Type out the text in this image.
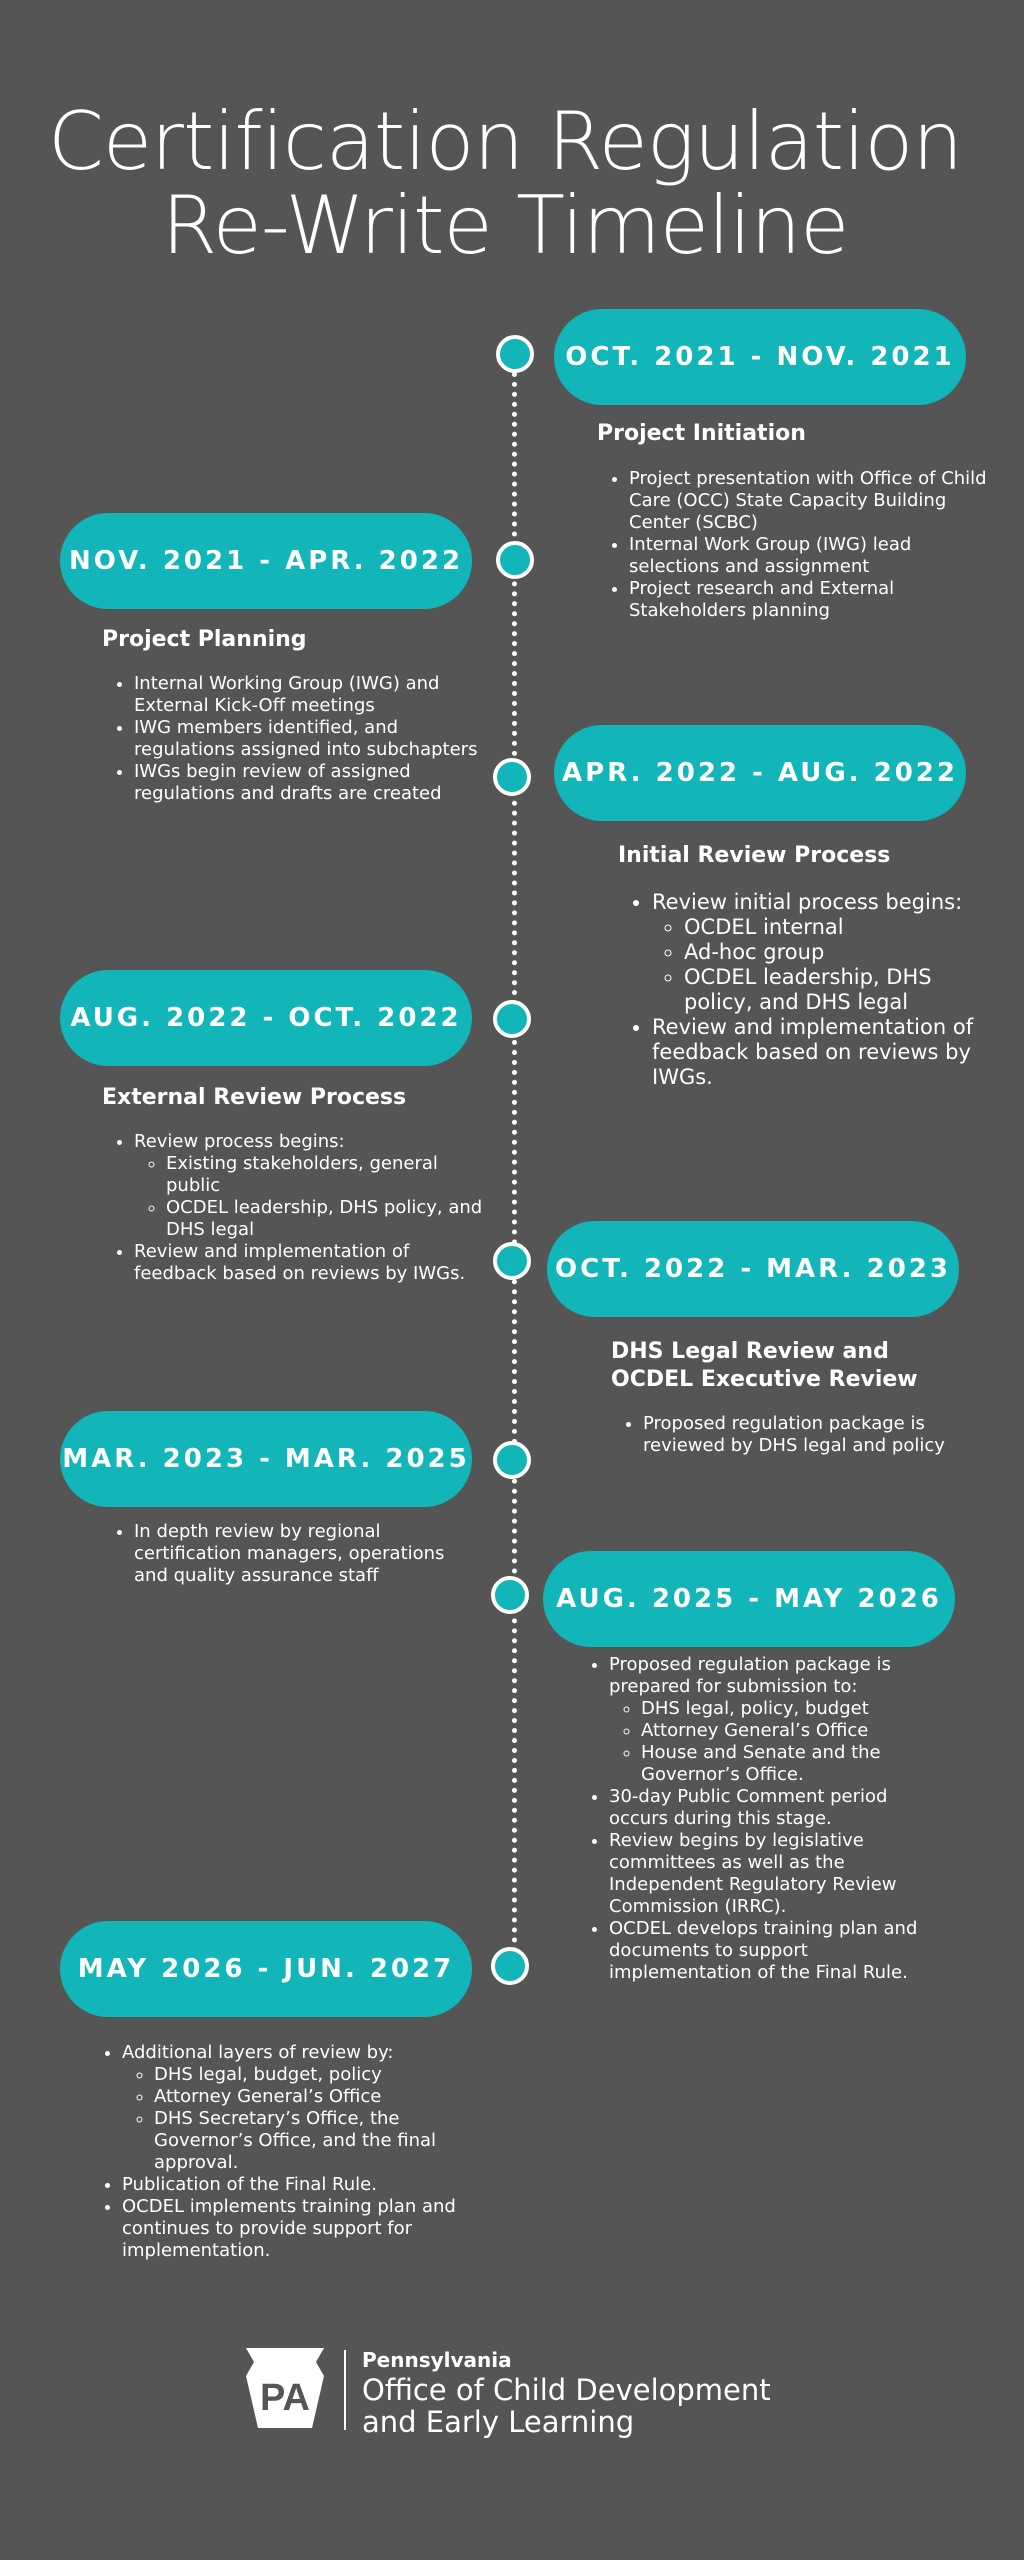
Certification Regulation
Re-Write Timeline
OCT. 2021 - NOV. 2021
Project Initiation
• Project presentation with Office of Child Care (OCC) State Capacity Building Center (SCBC)
• Internal Work Group (IWG) lead selections and assignment
• Project research and External Stakeholders planning
NOV. 2021 - APR. 2022
Project Planning
• Internal Working Group (IWG) and External Kick-Off meetings
• IWG members identified, and regulations assigned into subchapters
• IWGs begin review of assigned regulations and drafts are created
APR. 2022 - AUG. 2022
Initial Review Process
• Review initial process begins:
◦ OCDEL internal
◦ Ad-hoc group
◦ OCDEL leadership, DHS policy, and DHS legal
• Review and implementation of feedback based on reviews by IWGs.
AUG. 2022 - OCT. 2022
External Review Process
• Review process begins:
◦ Existing stakeholders, general public
◦ OCDEL leadership, DHS policy, and DHS legal
• Review and implementation of feedback based on reviews by IWGs.	OCT. 2022 - MAR. 2023
DHS Legal Review and OCDEL Executive Review
• Proposed regulation package is reviewed by DHS legal and policy
MAR. 2023 - MAR. 2025
• In depth review by regional certification managers, operations and quality assurance staff
AUG. 2025 - MAY 2026
• Proposed regulation package is prepared for submission to:
◦ DHS legal, policy, budget
◦ Attorney General’s Office
◦ House and Senate and the Governor’s Office.
• 30-day Public Comment period occurs during this stage.
• Review begins by legislative committees as well as the Independent Regulatory Review Commission (IRRC).
• OCDEL develops training plan and documents to support implementation of the Final Rule.
MAY 2026 - JUN. 2027
• Additional layers of review by:
◦ DHS legal, budget, policy
◦ Attorney General’s Office
◦ DHS Secretary’s Office, the Governor’s Office, and the final approval.
• Publication of the Final Rule.
• OCDEL implements training plan and continues to provide support for implementation.
PA
Pennsylvania
Office of Child Development
and Early Learning
